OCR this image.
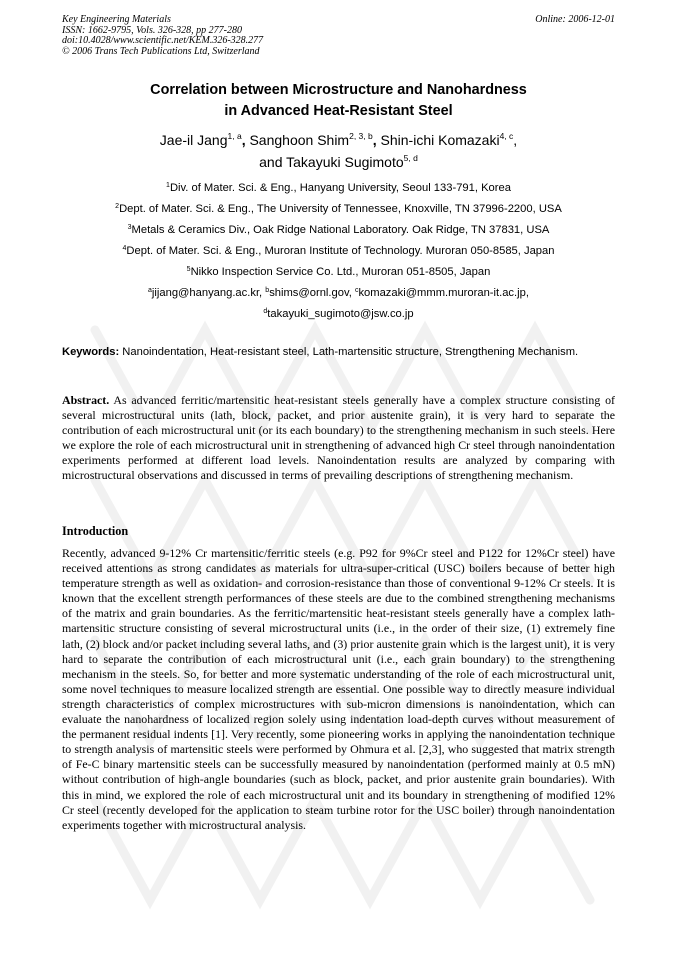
Key Engineering Materials
ISSN: 1662-9795, Vols. 326-328, pp 277-280
doi:10.4028/www.scientific.net/KEM.326-328.277
© 2006 Trans Tech Publications Ltd, Switzerland
Online: 2006-12-01
Correlation between Microstructure and Nanohardness
in Advanced Heat-Resistant Steel
Jae-il Jang$^{1, a}$, Sanghoon Shim$^{2, 3, b}$, Shin-ichi Komazaki$^{4, c}$,
and Takayuki Sugimoto$^{5, d}$
$^1$Div. of Mater. Sci. & Eng., Hanyang University, Seoul 133-791, Korea
$^2$Dept. of Mater. Sci. & Eng., The University of Tennessee, Knoxville, TN 37996-2200, USA
$^3$Metals & Ceramics Div., Oak Ridge National Laboratory. Oak Ridge, TN 37831, USA
$^4$Dept. of Mater. Sci. & Eng., Muroran Institute of Technology. Muroran 050-8585, Japan
$^5$Nikko Inspection Service Co. Ltd., Muroran 051-8505, Japan
$^a$jijang@hanyang.ac.kr, $^b$shims@ornl.gov, $^c$komazaki@mmm.muroran-it.ac.jp,
$^d$takayuki_sugimoto@jsw.co.jp
Keywords: Nanoindentation, Heat-resistant steel, Lath-martensitic structure, Strengthening Mechanism.
Abstract. As advanced ferritic/martensitic heat-resistant steels generally have a complex structure consisting of several microstructural units (lath, block, packet, and prior austenite grain), it is very hard to separate the contribution of each microstructural unit (or its each boundary) to the strengthening mechanism in such steels. Here we explore the role of each microstructural unit in strengthening of advanced high Cr steel through nanoindentation experiments performed at different load levels. Nanoindentation results are analyzed by comparing with microstructural observations and discussed in terms of prevailing descriptions of strengthening mechanism.
Introduction
Recently, advanced 9-12% Cr martensitic/ferritic steels (e.g. P92 for 9%Cr steel and P122 for 12%Cr steel) have received attentions as strong candidates as materials for ultra-super-critical (USC) boilers because of better high temperature strength as well as oxidation- and corrosion-resistance than those of conventional 9-12% Cr steels. It is known that the excellent strength performances of these steels are due to the combined strengthening mechanisms of the matrix and grain boundaries. As the ferritic/martensitic heat-resistant steels generally have a complex lath-martensitic structure consisting of several microstructural units (i.e., in the order of their size, (1) extremely fine lath, (2) block and/or packet including several laths, and (3) prior austenite grain which is the largest unit), it is very hard to separate the contribution of each microstructural unit (i.e., each grain boundary) to the strengthening mechanism in the steels. So, for better and more systematic understanding of the role of each microstructural unit, some novel techniques to measure localized strength are essential. One possible way to directly measure individual strength characteristics of complex microstructures with sub-micron dimensions is nanoindentation, which can evaluate the nanohardness of localized region solely using indentation load-depth curves without measurement of the permanent residual indents [1]. Very recently, some pioneering works in applying the nanoindentation technique to strength analysis of martensitic steels were performed by Ohmura et al. [2,3], who suggested that matrix strength of Fe-C binary martensitic steels can be successfully measured by nanoindentation (performed mainly at 0.5 mN) without contribution of high-angle boundaries (such as block, packet, and prior austenite grain boundaries). With this in mind, we explored the role of each microstructural unit and its boundary in strengthening of modified 12% Cr steel (recently developed for the application to steam turbine rotor for the USC boiler) through nanoindentation experiments together with microstructural analysis.
